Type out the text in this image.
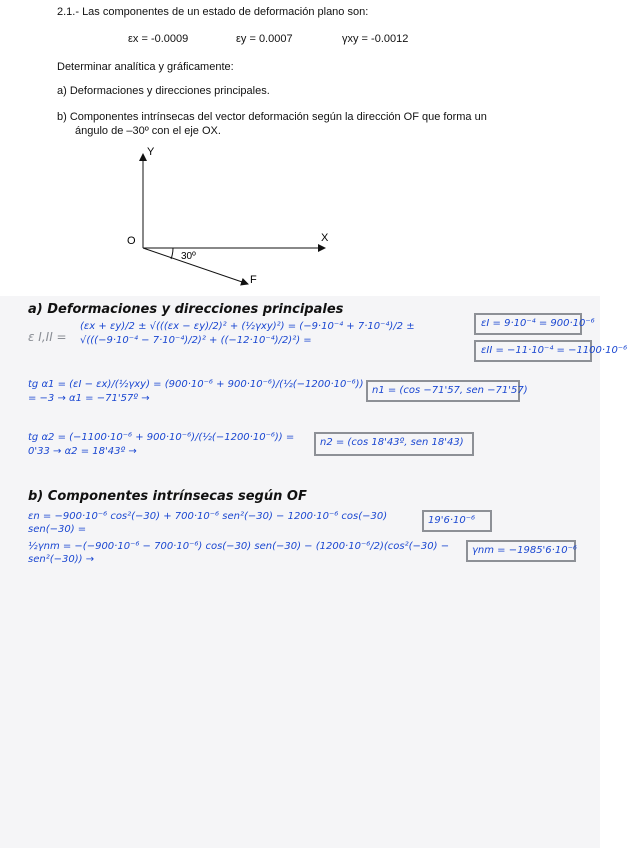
2.1.- Las componentes de un estado de deformación plano son:
εx = -0.0009	εy = 0.0007	γxy = -0.0012
Determinar analítica y gráficamente:
a) Deformaciones y direcciones principales.
b) Componentes intrínsecas del vector deformación según la dirección OF que forma un
ángulo de –30º con el eje OX.
Y
X
O
F
30º
a) Deformaciones y direcciones principales
ε I,II =
(εx + εy)/2 ± √(((εx − εy)/2)² + (½γxy)²) = (−9·10⁻⁴ + 7·10⁻⁴)/2 ± √(((−9·10⁻⁴ − 7·10⁻⁴)/2)² + ((−12·10⁻⁴)/2)²) =
εI = 9·10⁻⁴ = 900·10⁻⁶
εII = −11·10⁻⁴ = −1100·10⁻⁶
tg α1 = (εI − εx)/(½γxy) = (900·10⁻⁶ + 900·10⁻⁶)/(½(−1200·10⁻⁶)) = −3 → α1 = −71'57º →
n1 = (cos −71'57, sen −71'57)
tg α2 = (−1100·10⁻⁶ + 900·10⁻⁶)/(½(−1200·10⁻⁶)) = 0'33 → α2 = 18'43º →
n2 = (cos 18'43º, sen 18'43)
b) Componentes intrínsecas según OF
εn = −900·10⁻⁶ cos²(−30) + 700·10⁻⁶ sen²(−30) − 1200·10⁻⁶ cos(−30) sen(−30) =
19'6·10⁻⁶
½γnm = −(−900·10⁻⁶ − 700·10⁻⁶) cos(−30) sen(−30) − (1200·10⁻⁶/2)(cos²(−30) − sen²(−30)) →
γnm = −1985'6·10⁻⁶
